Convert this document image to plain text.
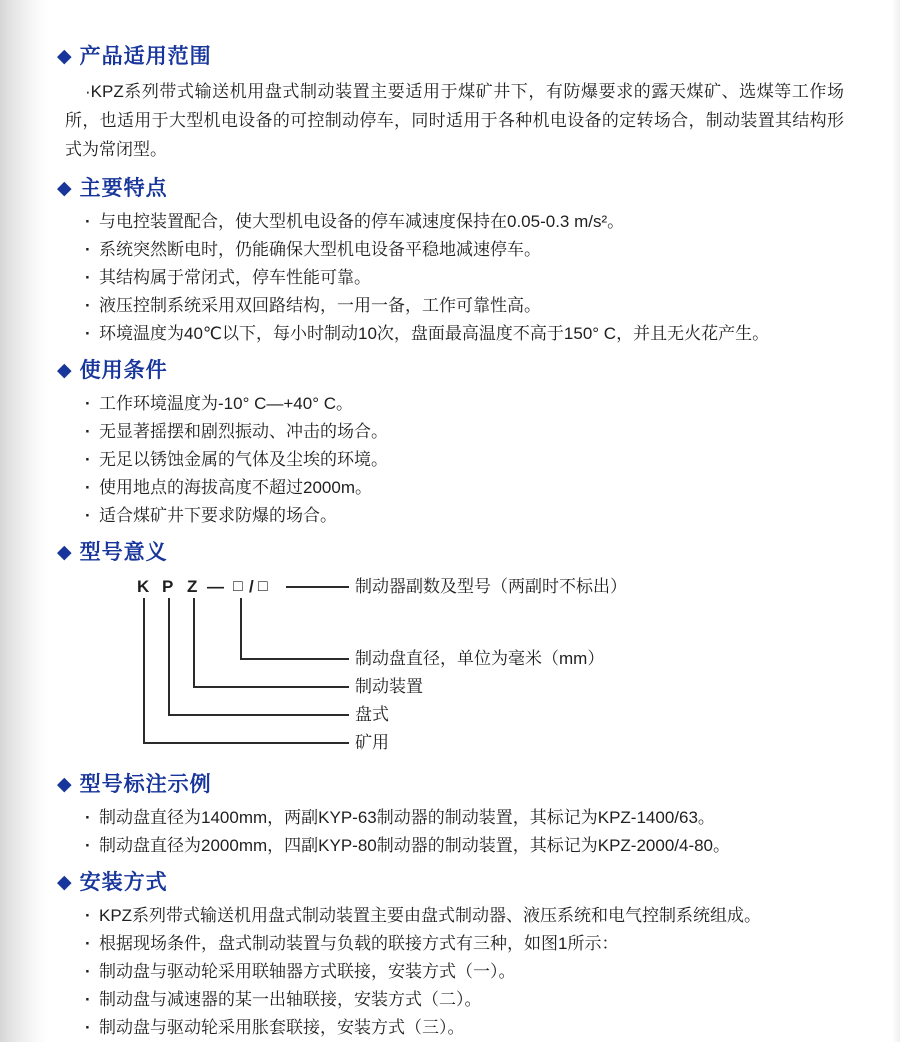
◆ 产品适用范围

·KPZ系列带式输送机用盘式制动装置主要适用于煤矿井下，有防爆要求的露天煤矿、选煤等工作场所，也适用于大型机电设备的可控制动停车，同时适用于各种机电设备的定转场合，制动装置其结构形式为常闭型。

◆ 主要特点
· 与电控装置配合，使大型机电设备的停车减速度保持在0.05-0.3 m/s²。
· 系统突然断电时，仍能确保大型机电设备平稳地减速停车。
· 其结构属于常闭式，停车性能可靠。
· 液压控制系统采用双回路结构，一用一备，工作可靠性高。
· 环境温度为40℃以下，每小时制动10次，盘面最高温度不高于150° C，并且无火花产生。
◆ 使用条件
· 工作环境温度为-10° C—+40° C。
· 无显著摇摆和剧烈振动、冲击的场合。
· 无足以锈蚀金属的气体及尘埃的环境。
· 使用地点的海拔高度不超过2000m。
· 适合煤矿井下要求防爆的场合。
◆ 型号意义
K P Z — □ / □	制动器副数及型号（两副时不标出）
制动盘直径，单位为毫米（mm）
制动装置
盘式
矿用
◆ 型号标注示例
· 制动盘直径为1400mm，两副KYP-63制动器的制动装置，其标记为KPZ-1400/63。
· 制动盘直径为2000mm，四副KYP-80制动器的制动装置，其标记为KPZ-2000/4-80。
◆ 安装方式
· KPZ系列带式输送机用盘式制动装置主要由盘式制动器、液压系统和电气控制系统组成。
· 根据现场条件，盘式制动装置与负载的联接方式有三种，如图1所示：
· 制动盘与驱动轮采用联轴器方式联接，安装方式（一）。
· 制动盘与减速器的某一出轴联接，安装方式（二）。
· 制动盘与驱动轮采用胀套联接，安装方式（三）。
